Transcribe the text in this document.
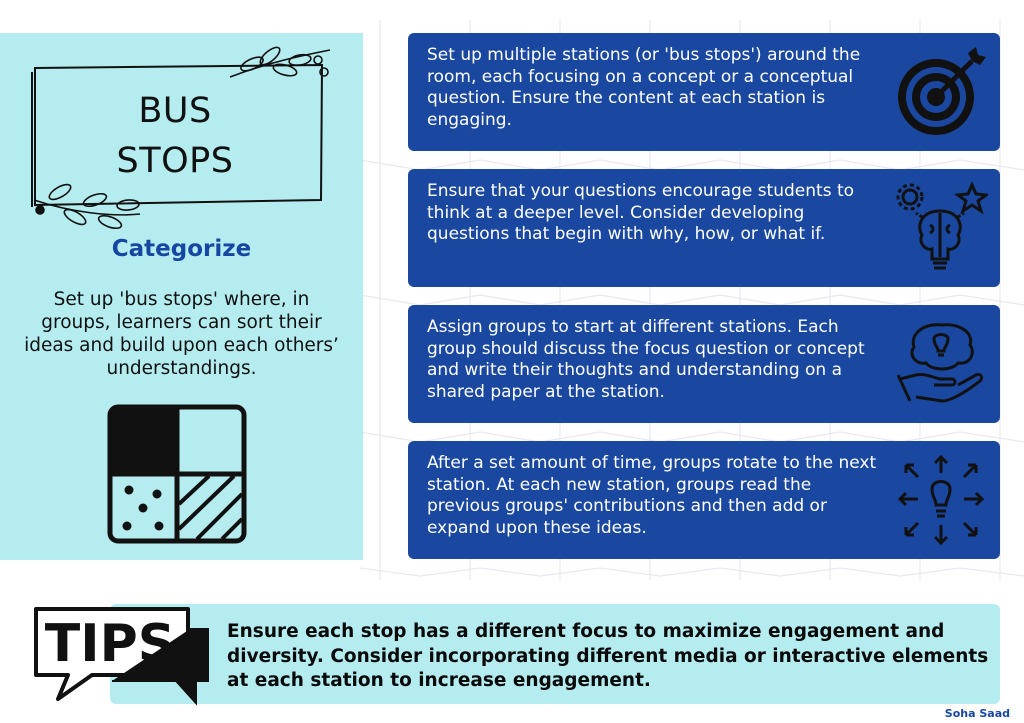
BUS
STOPS
Categorize
Set up 'bus stops' where, in groups, learners can sort their ideas and build upon each others’ understandings.
Set up multiple stations (or 'bus stops') around the room, each focusing on a concept or a conceptual question. Ensure the content at each station is engaging.
Ensure that your questions encourage students to think at a deeper level. Consider developing questions that begin with why, how, or what if.
Assign groups to start at different stations. Each group should discuss the focus question or concept and write their thoughts and understanding on a shared paper at the station.
After a set amount of time, groups rotate to the next station. At each new station, groups read the previous groups' contributions and then add or expand upon these ideas.
TIPS	Ensure each stop has a different focus to maximize engagement and diversity. Consider incorporating different media or interactive elements at each station to increase engagement.
Soha Saad
